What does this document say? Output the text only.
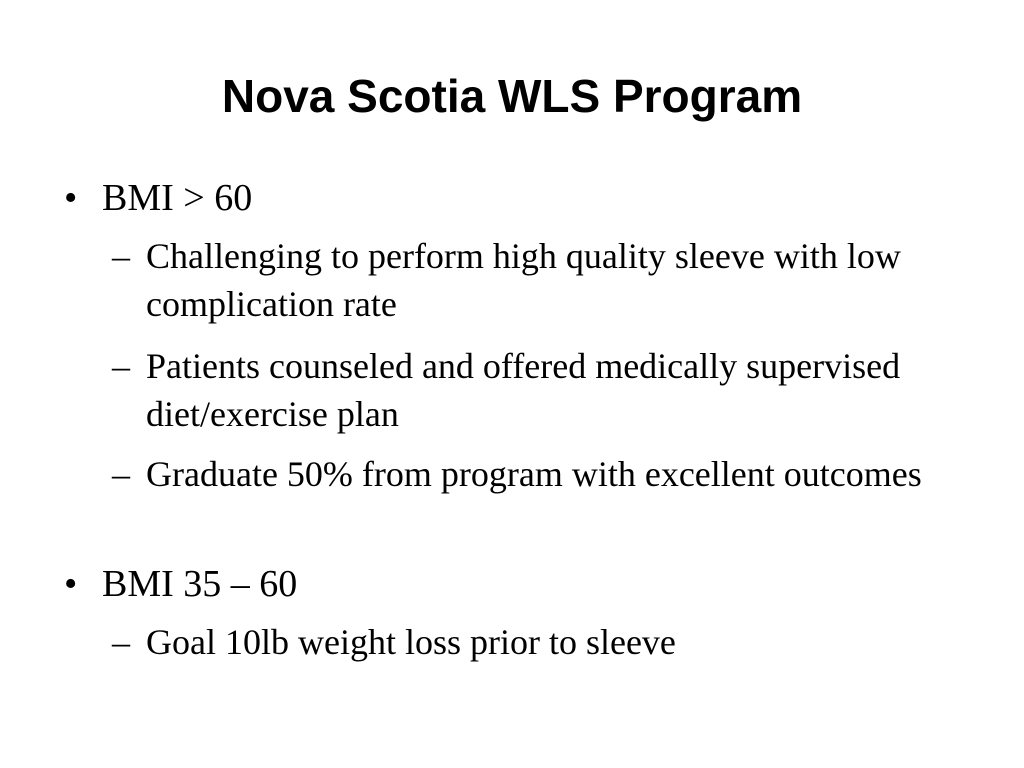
Nova Scotia WLS Program
• BMI > 60
– Challenging to perform high quality sleeve with low complication rate
– Patients counseled and offered medically supervised diet/exercise plan
– Graduate 50% from program with excellent outcomes
• BMI 35 – 60
– Goal 10lb weight loss prior to sleeve
